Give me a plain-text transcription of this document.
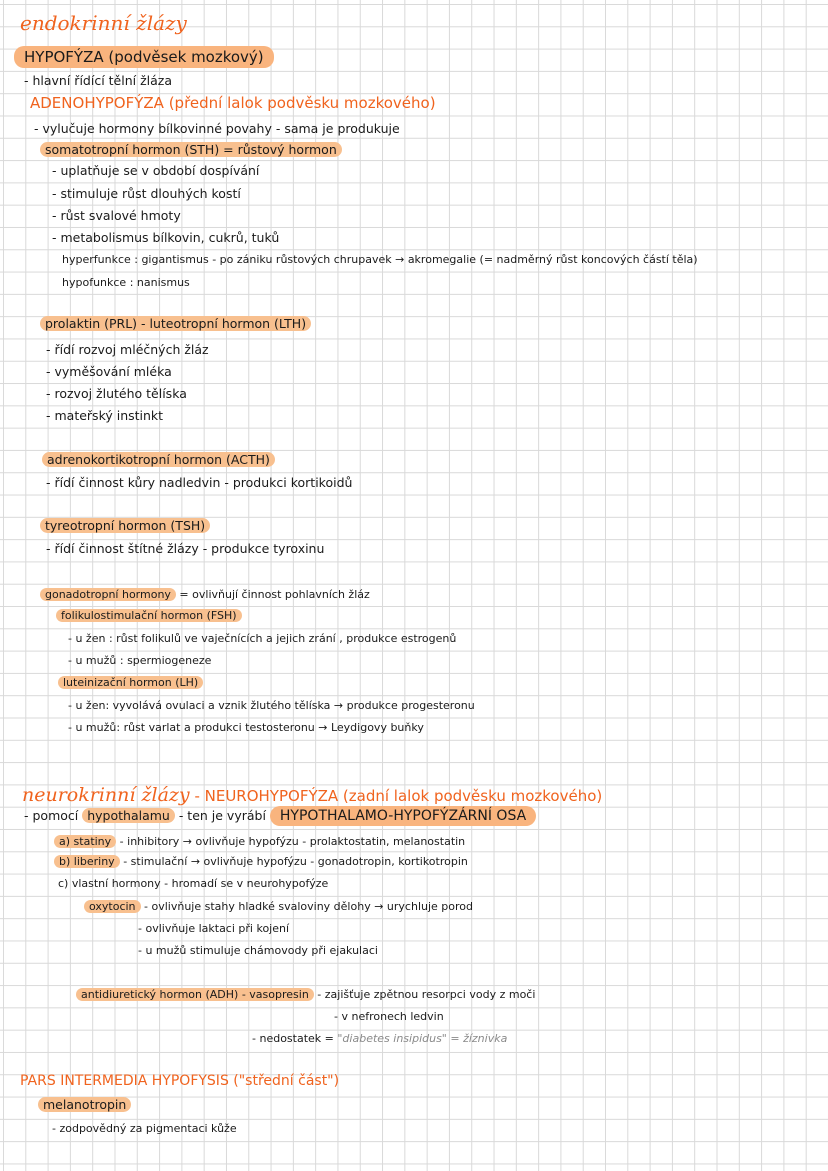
endokrinní žlázy
HYPOFÝZA (podvěsek mozkový)
- hlavní řídící tělní žláza
ADENOHYPOFÝZA (přední lalok podvěsku mozkového)
- vylučuje hormony bílkovinné povahy - sama je produkuje
somatotropní hormon (STH) = růstový hormon
- uplatňuje se v období dospívání
- stimuluje růst dlouhých kostí
- růst svalové hmoty
- metabolismus bílkovin, cukrů, tuků
hyperfunkce : gigantismus - po zániku růstových chrupavek → akromegalie (= nadměrný růst koncových částí těla)
hypofunkce : nanismus
prolaktin (PRL) - luteotropní hormon (LTH)
- řídí rozvoj mléčných žláz
- vyměšování mléka
- rozvoj žlutého tělíska
- mateřský instinkt
adrenokortikotropní hormon (ACTH)
- řídí činnost kůry nadledvin - produkci kortikoidů
tyreotropní hormon (TSH)
- řídí činnost štítné žlázy - produkce tyroxinu
gonadotropní hormony = ovlivňují činnost pohlavních žláz
folikulostimulační hormon (FSH)
- u žen : růst folikulů ve vaječnících a jejich zrání , produkce estrogenů
- u mužů : spermiogeneze
luteinizační hormon (LH)
- u žen: vyvolává ovulaci a vznik žlutého tělíska → produkce progesteronu
- u mužů: růst varlat a produkci testosteronu → Leydigovy buňky
neurokrinní žlázy - NEUROHYPOFÝZA (zadní lalok podvěsku mozkového)
- pomocí hypothalamu - ten je vyrábí HYPOTHALAMO-HYPOFÝZÁRNÍ OSA
a) statiny - inhibitory → ovlivňuje hypofýzu - prolaktostatin, melanostatin
b) liberiny - stimulační → ovlivňuje hypofýzu - gonadotropin, kortikotropin
c) vlastní hormony - hromadí se v neurohypofýze
oxytocin - ovlivňuje stahy hladké svaloviny dělohy → urychluje porod
- ovlivňuje laktaci při kojení
- u mužů stimuluje chámovody při ejakulaci
antidiuretický hormon (ADH) - vasopresin - zajišťuje zpětnou resorpci vody z moči
- v nefronech ledvin
- nedostatek = "diabetes insipidus" = žíznivka
PARS INTERMEDIA HYPOFYSIS ("střední část")
melanotropin
- zodpovědný za pigmentaci kůže
